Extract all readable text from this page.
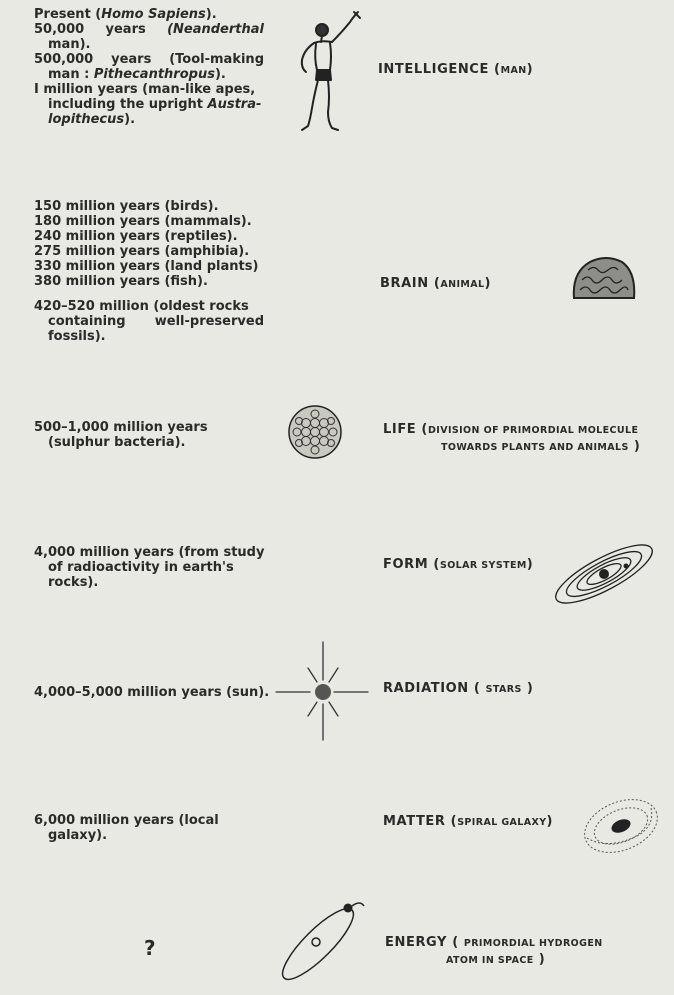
Present (Homo Sapiens).
50,000 years (Neanderthal
man).
500,000 years (Tool-making
man : Pithecanthropus).
I million years (man-like apes,
including the upright Austra-
lopithecus).
150 million years (birds).
180 million years (mammals).
240 million years (reptiles).
275 million years (amphibia).
330 million years (land plants)
380 million years (fish).
420–520 million (oldest rocks
containing well-preserved
fossils).
500–1,000 million years
(sulphur bacteria).
4,000 million years (from study
of radioactivity in earth's
rocks).
4,000–5,000 million years (sun).
6,000 million years (local
galaxy).
?
INTELLIGENCE (MAN)
BRAIN (ANIMAL)
LIFE (DIVISION OF PRIMORDIAL MOLECULE
TOWARDS PLANTS AND ANIMALS )
FORM (SOLAR SYSTEM)
RADIATION ( STARS )
MATTER (SPIRAL GALAXY)
ENERGY ( PRIMORDIAL HYDROGEN
ATOM IN SPACE )
